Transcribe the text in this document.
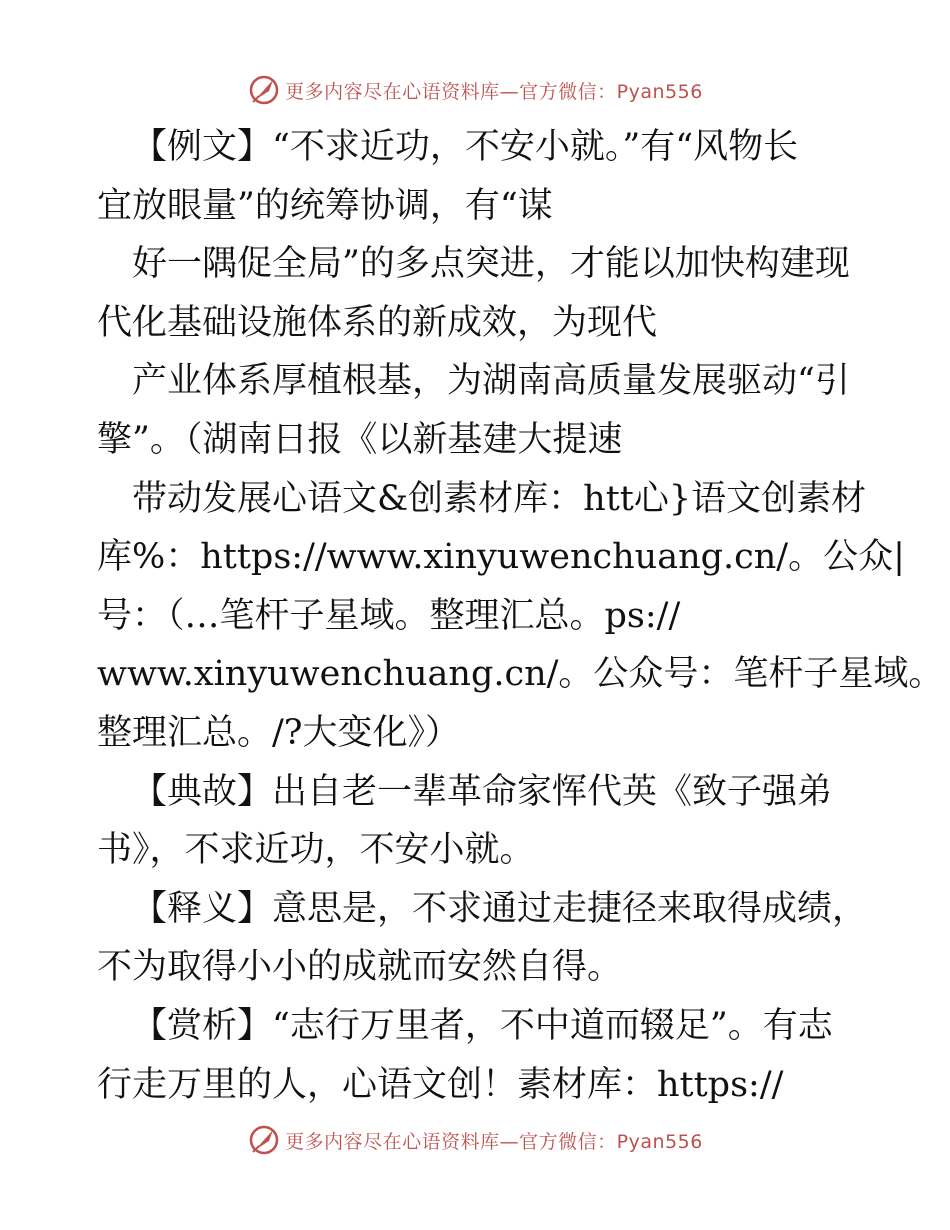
更多内容尽在心语资料库—官方微信：Pyan556
【例文】“不求近功，不安小就。”有“风物长
宜放眼量”的统筹协调，有“谋
好一隅促全局”的多点突进，才能以加快构建现
代化基础设施体系的新成效，为现代
产业体系厚植根基，为湖南高质量发展驱动“引
擎”。（湖南日报《以新基建大提速
带动发展心语文&创素材库：htt心}语文创素材
库%：https://www.xinyuwenchuang.cn/。公众|
号：（…笔杆子星域。整理汇总。ps://
www.xinyuwenchuang.cn/。公众号：笔杆子星域。
整理汇总。/?大变化》）
【典故】出自老一辈革命家恽代英《致子强弟
书》，不求近功，不安小就。
【释义】意思是，不求通过走捷径来取得成绩，
不为取得小小的成就而安然自得。
【赏析】“志行万里者，不中道而辍足”。有志
行走万里的人，心语文创！素材库：https://
更多内容尽在心语资料库—官方微信：Pyan556
